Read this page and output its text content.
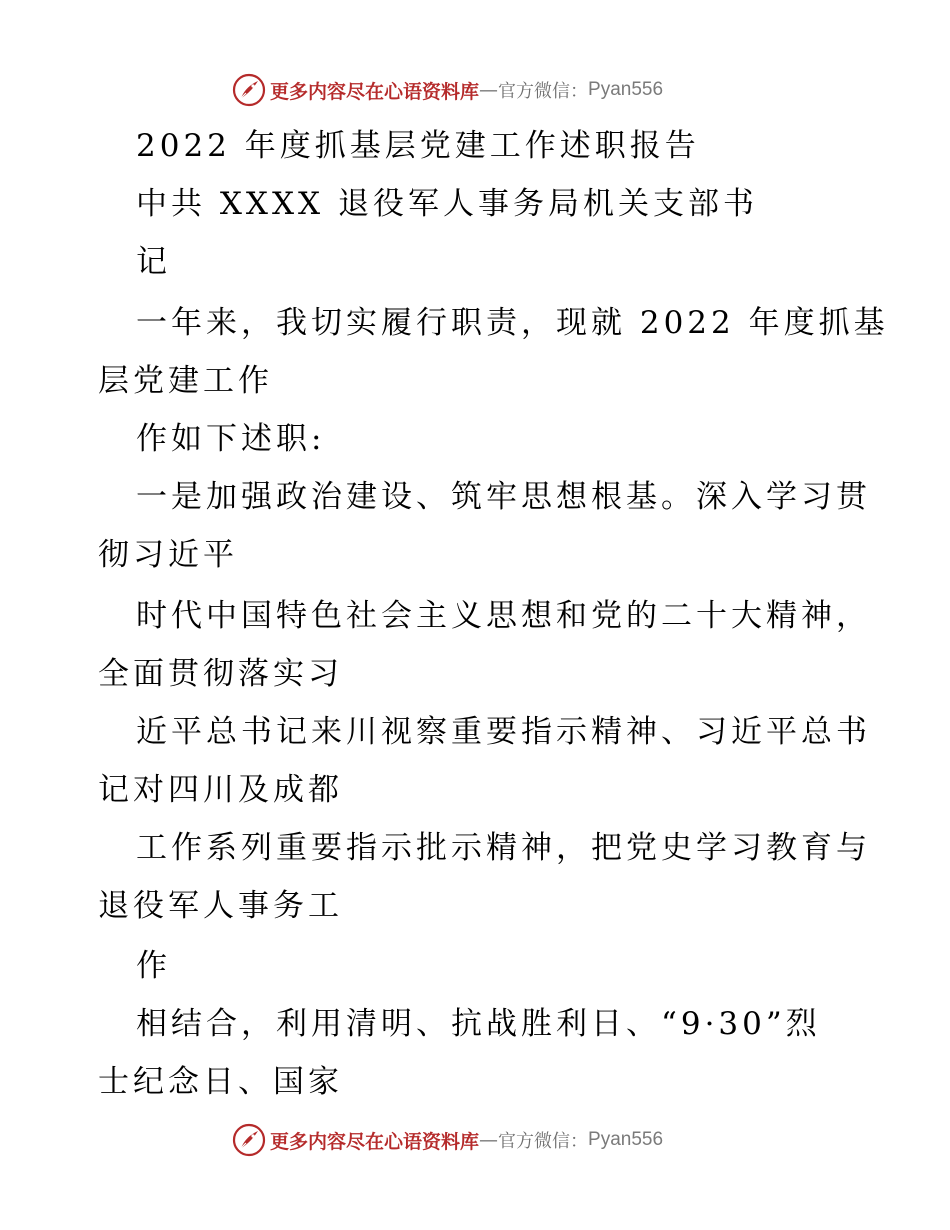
更多内容尽在心语资料库 — 官方微信： Pyan556
2022 年度抓基层党建工作述职报告
中共 XXXX 退役军人事务局机关支部书
记
一年来，我切实履行职责，现就 2022 年度抓基
层党建工作
作如下述职:
一是加强政治建设、筑牢思想根基。深入学习贯
彻习近平
时代中国特色社会主义思想和党的二十大精神，
全面贯彻落实习
近平总书记来川视察重要指示精神、习近平总书
记对四川及成都
工作系列重要指示批示精神，把党史学习教育与
退役军人事务工
作
相结合，利用清明、抗战胜利日、“9·30”烈
士纪念日、国家
更多内容尽在心语资料库 — 官方微信： Pyan556
